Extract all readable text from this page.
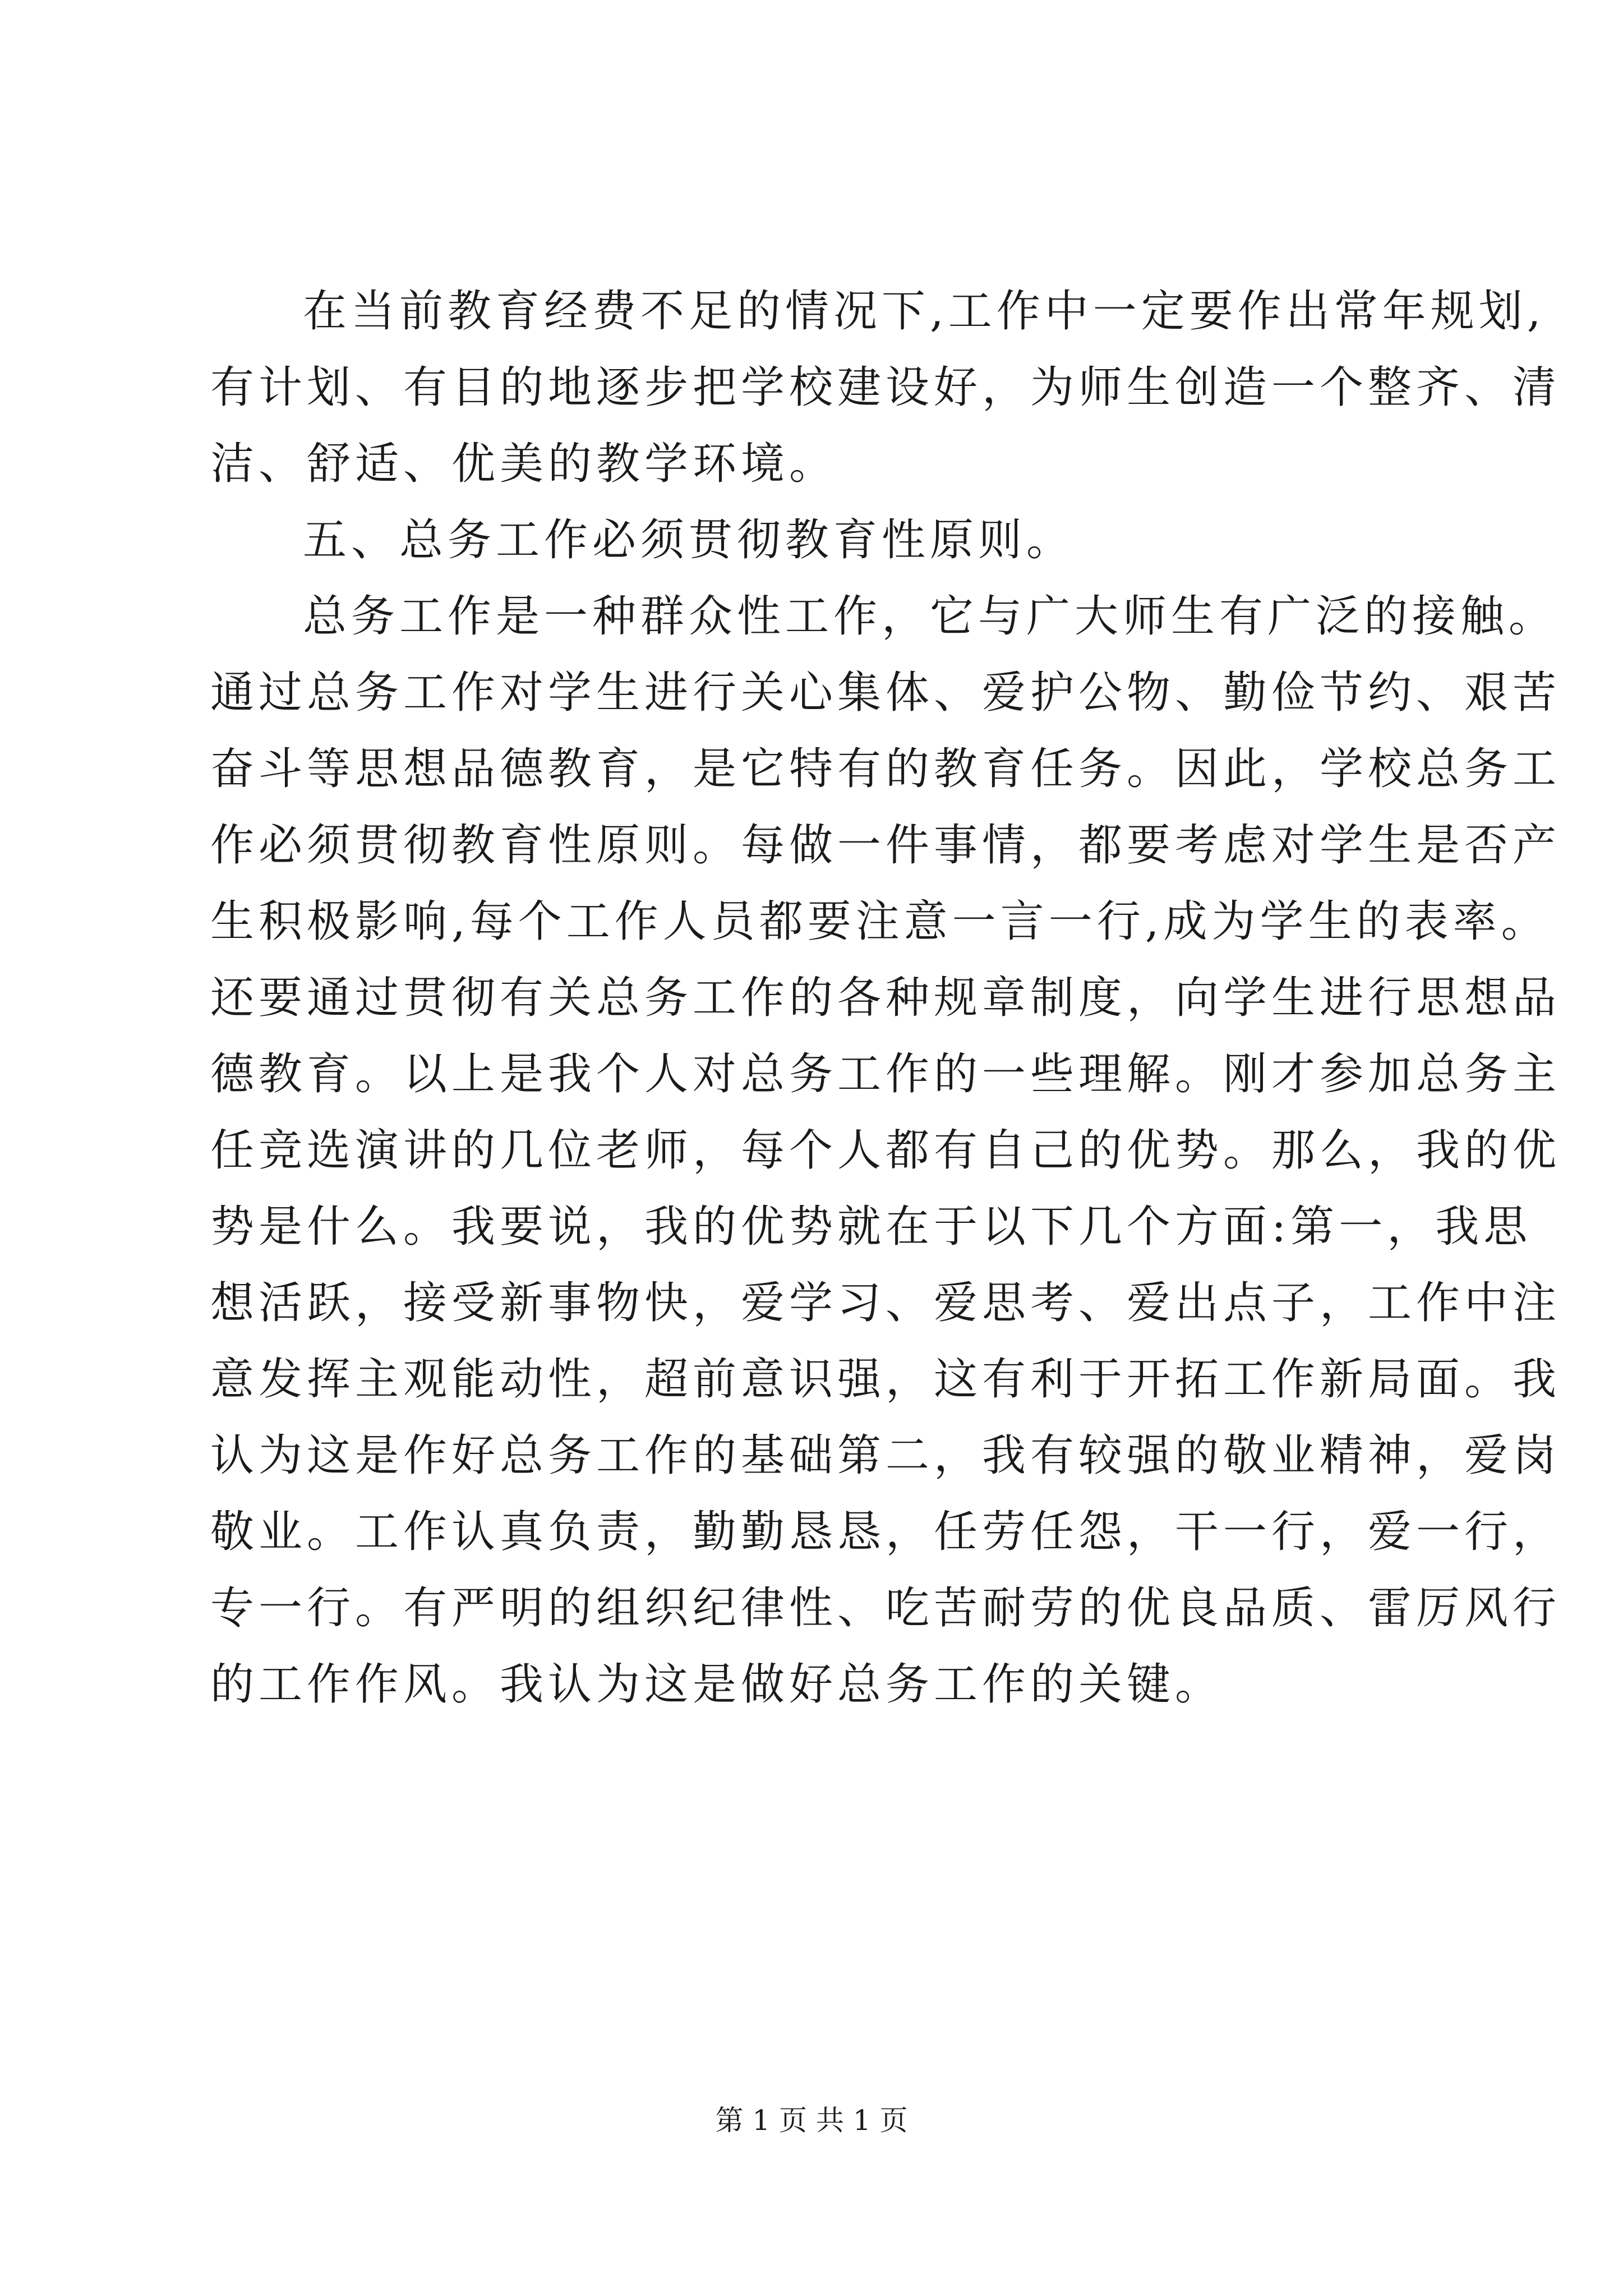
在当前教育经费不足的情况下,工作中一定要作出常年规划,

有计划、有目的地逐步把学校建设好，为师生创造一个整齐、清

洁、舒适、优美的教学环境。

五、总务工作必须贯彻教育性原则。

总务工作是一种群众性工作，它与广大师生有广泛的接触。

通过总务工作对学生进行关心集体、爱护公物、勤俭节约、艰苦

奋斗等思想品德教育，是它特有的教育任务。因此，学校总务工

作必须贯彻教育性原则。每做一件事情，都要考虑对学生是否产

生积极影响,每个工作人员都要注意一言一行,成为学生的表率。

还要通过贯彻有关总务工作的各种规章制度，向学生进行思想品

德教育。以上是我个人对总务工作的一些理解。刚才参加总务主

任竞选演讲的几位老师，每个人都有自己的优势。那么，我的优

势是什么。我要说，我的优势就在于以下几个方面:第一，我思

想活跃，接受新事物快，爱学习、爱思考、爱出点子，工作中注

意发挥主观能动性，超前意识强，这有利于开拓工作新局面。我

认为这是作好总务工作的基础第二，我有较强的敬业精神，爱岗

敬业。工作认真负责，勤勤恳恳，任劳任怨，干一行，爱一行，

专一行。有严明的组织纪律性、吃苦耐劳的优良品质、雷厉风行

的工作作风。我认为这是做好总务工作的关键。

第 1 页 共 1 页
